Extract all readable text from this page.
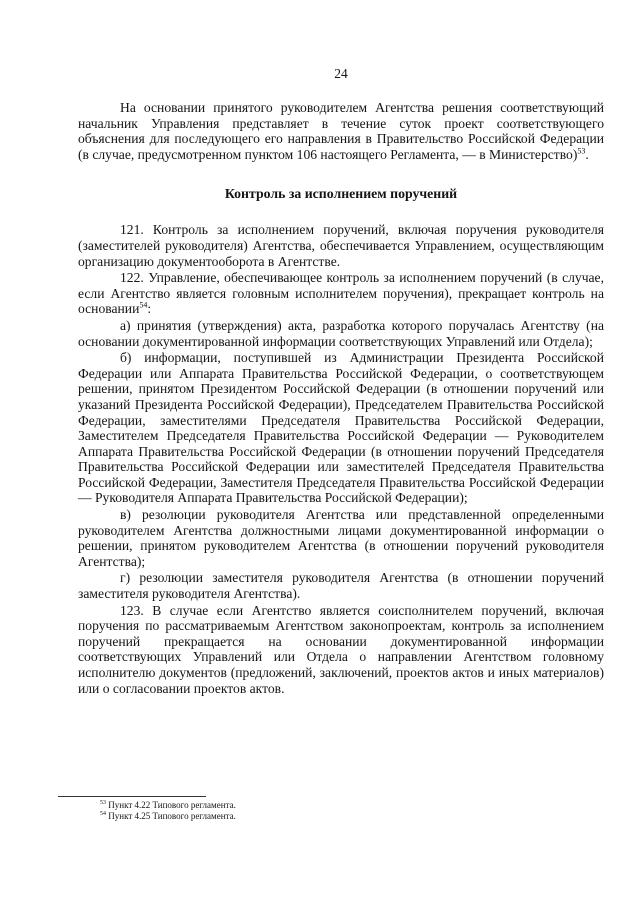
24

На основании принятого руководителем Агентства решения соответствующий начальник Управления представляет в течение суток проект соответствующего объяснения для последующего его направления в Правительство Российской Федерации (в случае, предусмотренном пунктом 106 настоящего Регламента, — в Министерство)$^{53}$.

Контроль за исполнением поручений

121. Контроль за исполнением поручений, включая поручения руководителя (заместителей руководителя) Агентства, обеспечивается Управлением, осуществляющим организацию документооборота в Агентстве.

122. Управление, обеспечивающее контроль за исполнением поручений (в случае, если Агентство является головным исполнителем поручения), прекращает контроль на основании$^{54}$:

а) принятия (утверждения) акта, разработка которого поручалась Агентству (на основании документированной информации соответствующих Управлений или Отдела);

б) информации, поступившей из Администрации Президента Российской Федерации или Аппарата Правительства Российской Федерации, о соответствующем решении, принятом Президентом Российской Федерации (в отношении поручений или указаний Президента Российской Федерации), Председателем Правительства Российской Федерации, заместителями Председателя Правительства Российской Федерации, Заместителем Председателя Правительства Российской Федерации — Руководителем Аппарата Правительства Российской Федерации (в отношении поручений Председателя Правительства Российской Федерации или заместителей Председателя Правительства Российской Федерации, Заместителя Председателя Правительства Российской Федерации — Руководителя Аппарата Правительства Российской Федерации);

в) резолюции руководителя Агентства или представленной определенными руководителем Агентства должностными лицами документированной информации о решении, принятом руководителем Агентства (в отношении поручений руководителя Агентства);

г) резолюции заместителя руководителя Агентства (в отношении поручений заместителя руководителя Агентства).

123. В случае если Агентство является соисполнителем поручений, включая поручения по рассматриваемым Агентством законопроектам, контроль за исполнением поручений прекращается на основании документированной информации соответствующих Управлений или Отдела о направлении Агентством головному исполнителю документов (предложений, заключений, проектов актов и иных материалов) или о согласовании проектов актов.

$^{53}$ Пункт 4.22 Типового регламента.

$^{54}$ Пункт 4.25 Типового регламента.
